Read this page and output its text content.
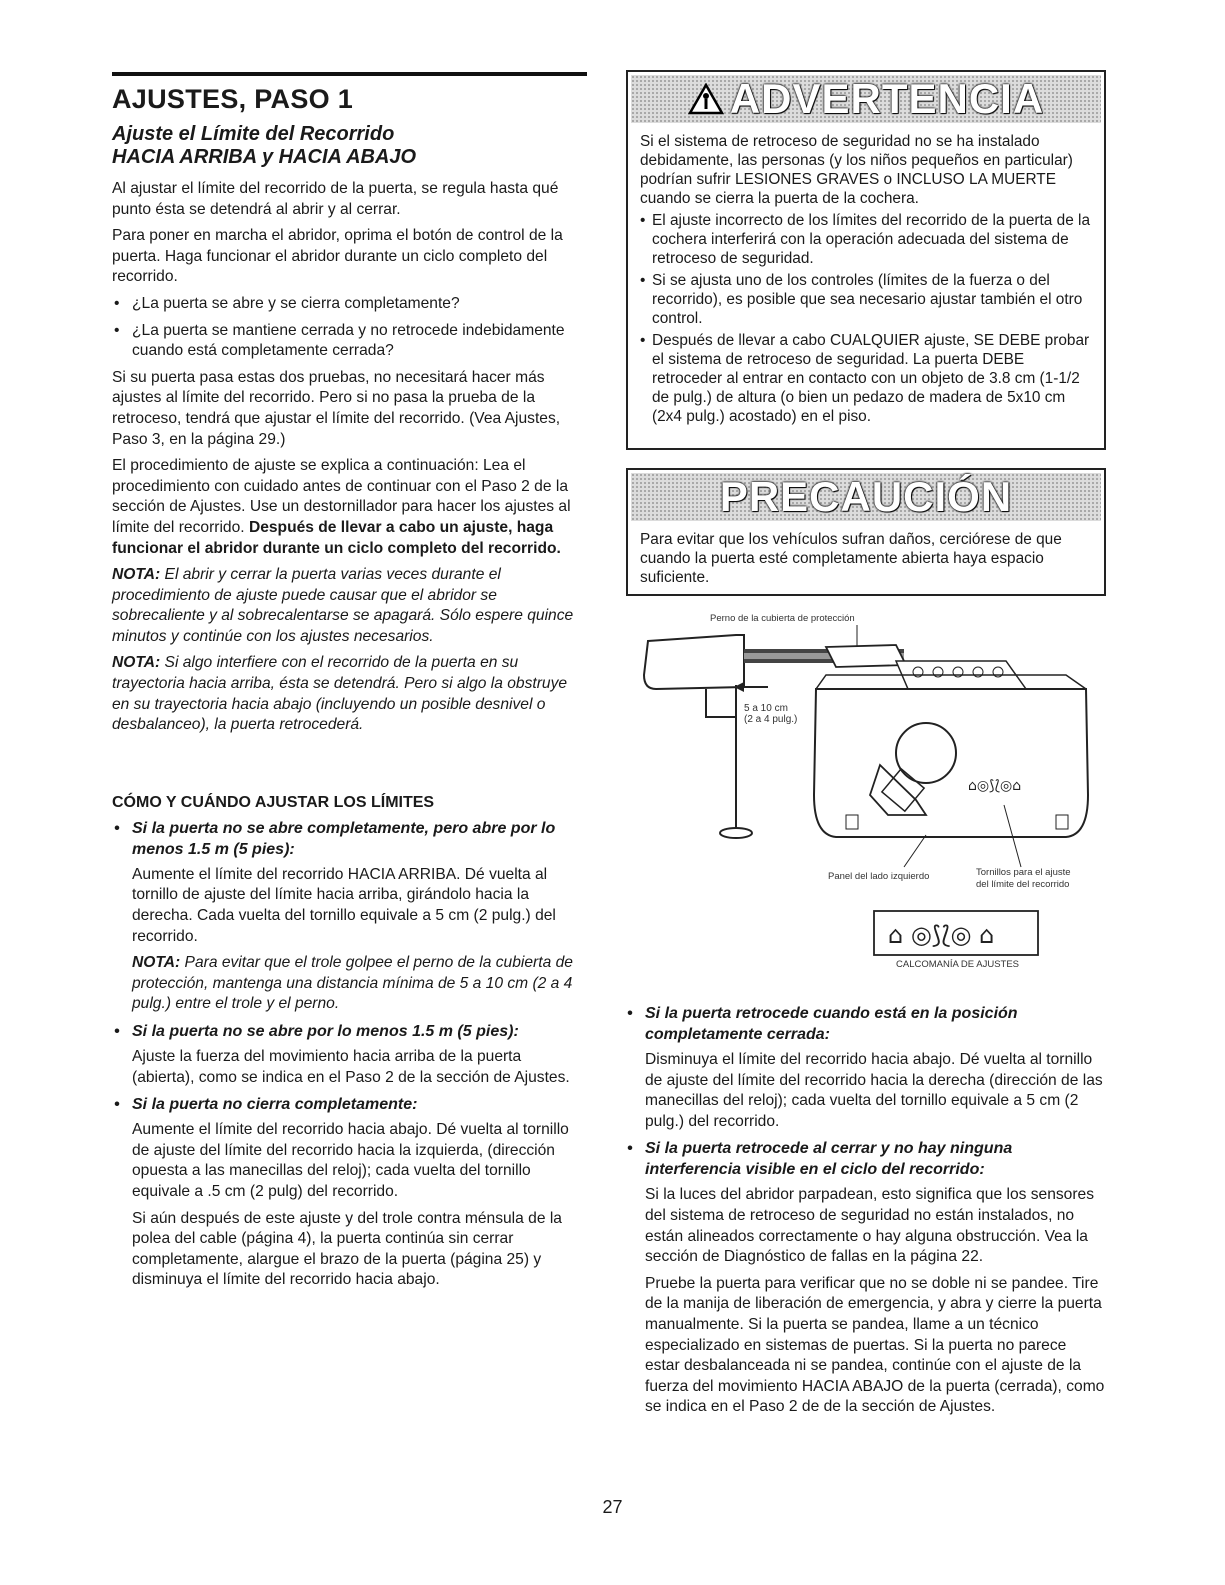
AJUSTES, PASO 1
Ajuste el Límite del Recorrido
HACIA ARRIBA y HACIA ABAJO

Al ajustar el límite del recorrido de la puerta, se regula hasta qué punto ésta se detendrá al abrir y al cerrar.

Para poner en marcha el abridor, oprima el botón de control de la puerta. Haga funcionar el abridor durante un ciclo completo del recorrido.

• ¿La puerta se abre y se cierra completamente?

• ¿La puerta se mantiene cerrada y no retrocede indebidamente cuando está completamente cerrada?

Si su puerta pasa estas dos pruebas, no necesitará hacer más ajustes al límite del recorrido. Pero si no pasa la prueba de la retroceso, tendrá que ajustar el límite del recorrido. (Vea Ajustes, Paso 3, en la página 29.)

El procedimiento de ajuste se explica a continuación: Lea el procedimiento con cuidado antes de continuar con el Paso 2 de la sección de Ajustes. Use un destornillador para hacer los ajustes al límite del recorrido. Después de llevar a cabo un ajuste, haga funcionar el abridor durante un ciclo completo del recorrido.

NOTA: El abrir y cerrar la puerta varias veces durante el procedimiento de ajuste puede causar que el abridor se sobrecaliente y al sobrecalentarse se apagará. Sólo espere quince minutos y continúe con los ajustes necesarios.

NOTA: Si algo interfiere con el recorrido de la puerta en su trayectoria hacia arriba, ésta se detendrá. Pero si algo la obstruye en su trayectoria hacia abajo (incluyendo un posible desnivel o desbalanceo), la puerta retrocederá.

CÓMO Y CUÁNDO AJUSTAR LOS LÍMITES
• Si la puerta no se abre completamente, pero abre por lo menos 1.5 m (5 pies):

Aumente el límite del recorrido HACIA ARRIBA. Dé vuelta al tornillo de ajuste del límite hacia arriba, girándolo hacia la derecha. Cada vuelta del tornillo equivale a 5 cm (2 pulg.) del recorrido.

NOTA: Para evitar que el trole golpee el perno de la cubierta de protección, mantenga una distancia mínima de 5 a 10 cm (2 a 4 pulg.) entre el trole y el perno.

• Si la puerta no se abre por lo menos 1.5 m (5 pies):

Ajuste la fuerza del movimiento hacia arriba de la puerta (abierta), como se indica en el Paso 2 de la sección de Ajustes.

• Si la puerta no cierra completamente:

Aumente el límite del recorrido hacia abajo. Dé vuelta al tornillo de ajuste del límite del recorrido hacia la izquierda, (dirección opuesta a las manecillas del reloj); cada vuelta del tornillo equivale a .5 cm (2 pulg) del recorrido.

Si aún después de este ajuste y del trole contra ménsula de la polea del cable (página 4), la puerta continúa sin cerrar completamente, alargue el brazo de la puerta (página 25) y disminuya el límite del recorrido hacia abajo.

ADVERTENCIA

Si el sistema de retroceso de seguridad no se ha instalado debidamente, las personas (y los niños pequeños en particular) podrían sufrir LESIONES GRAVES o INCLUSO LA MUERTE cuando se cierra la puerta de la cochera.

• El ajuste incorrecto de los límites del recorrido de la puerta de la cochera interferirá con la operación adecuada del sistema de retroceso de seguridad.

• Si se ajusta uno de los controles (límites de la fuerza o del recorrido), es posible que sea necesario ajustar también el otro control.

• Después de llevar a cabo CUALQUIER ajuste, SE DEBE probar el sistema de retroceso de seguridad. La puerta DEBE retroceder al entrar en contacto con un objeto de 3.8 cm (1-1/2 de pulg.) de altura (o bien un pedazo de madera de 5x10 cm (2x4 pulg.) acostado) en el piso.

PRECAUCIÓN
Para evitar que los vehículos sufran daños, cerciórese de que cuando la puerta esté completamente abierta haya espacio suficiente.
⌂◎⟆⟅◎⌂
⌂ ◎⟆⟅◎ ⌂
Perno de la cubierta de protección
5 a 10 cm
(2 a 4 pulg.)
Panel del lado izquierdo	Tornillos para el ajuste
del límite del recorrido
CALCOMANÍA DE AJUSTES
• Si la puerta retrocede cuando está en la posición completamente cerrada:

Disminuya el límite del recorrido hacia abajo. Dé vuelta al tornillo de ajuste del límite del recorrido hacia la derecha (dirección de las manecillas del reloj); cada vuelta del tornillo equivale a 5 cm (2 pulg.) del recorrido.

• Si la puerta retrocede al cerrar y no hay ninguna interferencia visible en el ciclo del recorrido:

Si la luces del abridor parpadean, esto significa que los sensores del sistema de retroceso de seguridad no están instalados, no están alineados correctamente o hay alguna obstrucción. Vea la sección de Diagnóstico de fallas en la página 22.

Pruebe la puerta para verificar que no se doble ni se pandee. Tire de la manija de liberación de emergencia, y abra y cierre la puerta manualmente. Si la puerta se pandea, llame a un técnico especializado en sistemas de puertas. Si la puerta no parece estar desbalanceada ni se pandea, continúe con el ajuste de la fuerza del movimiento HACIA ABAJO de la puerta (cerrada), como se indica en el Paso 2 de de la sección de Ajustes.

27
